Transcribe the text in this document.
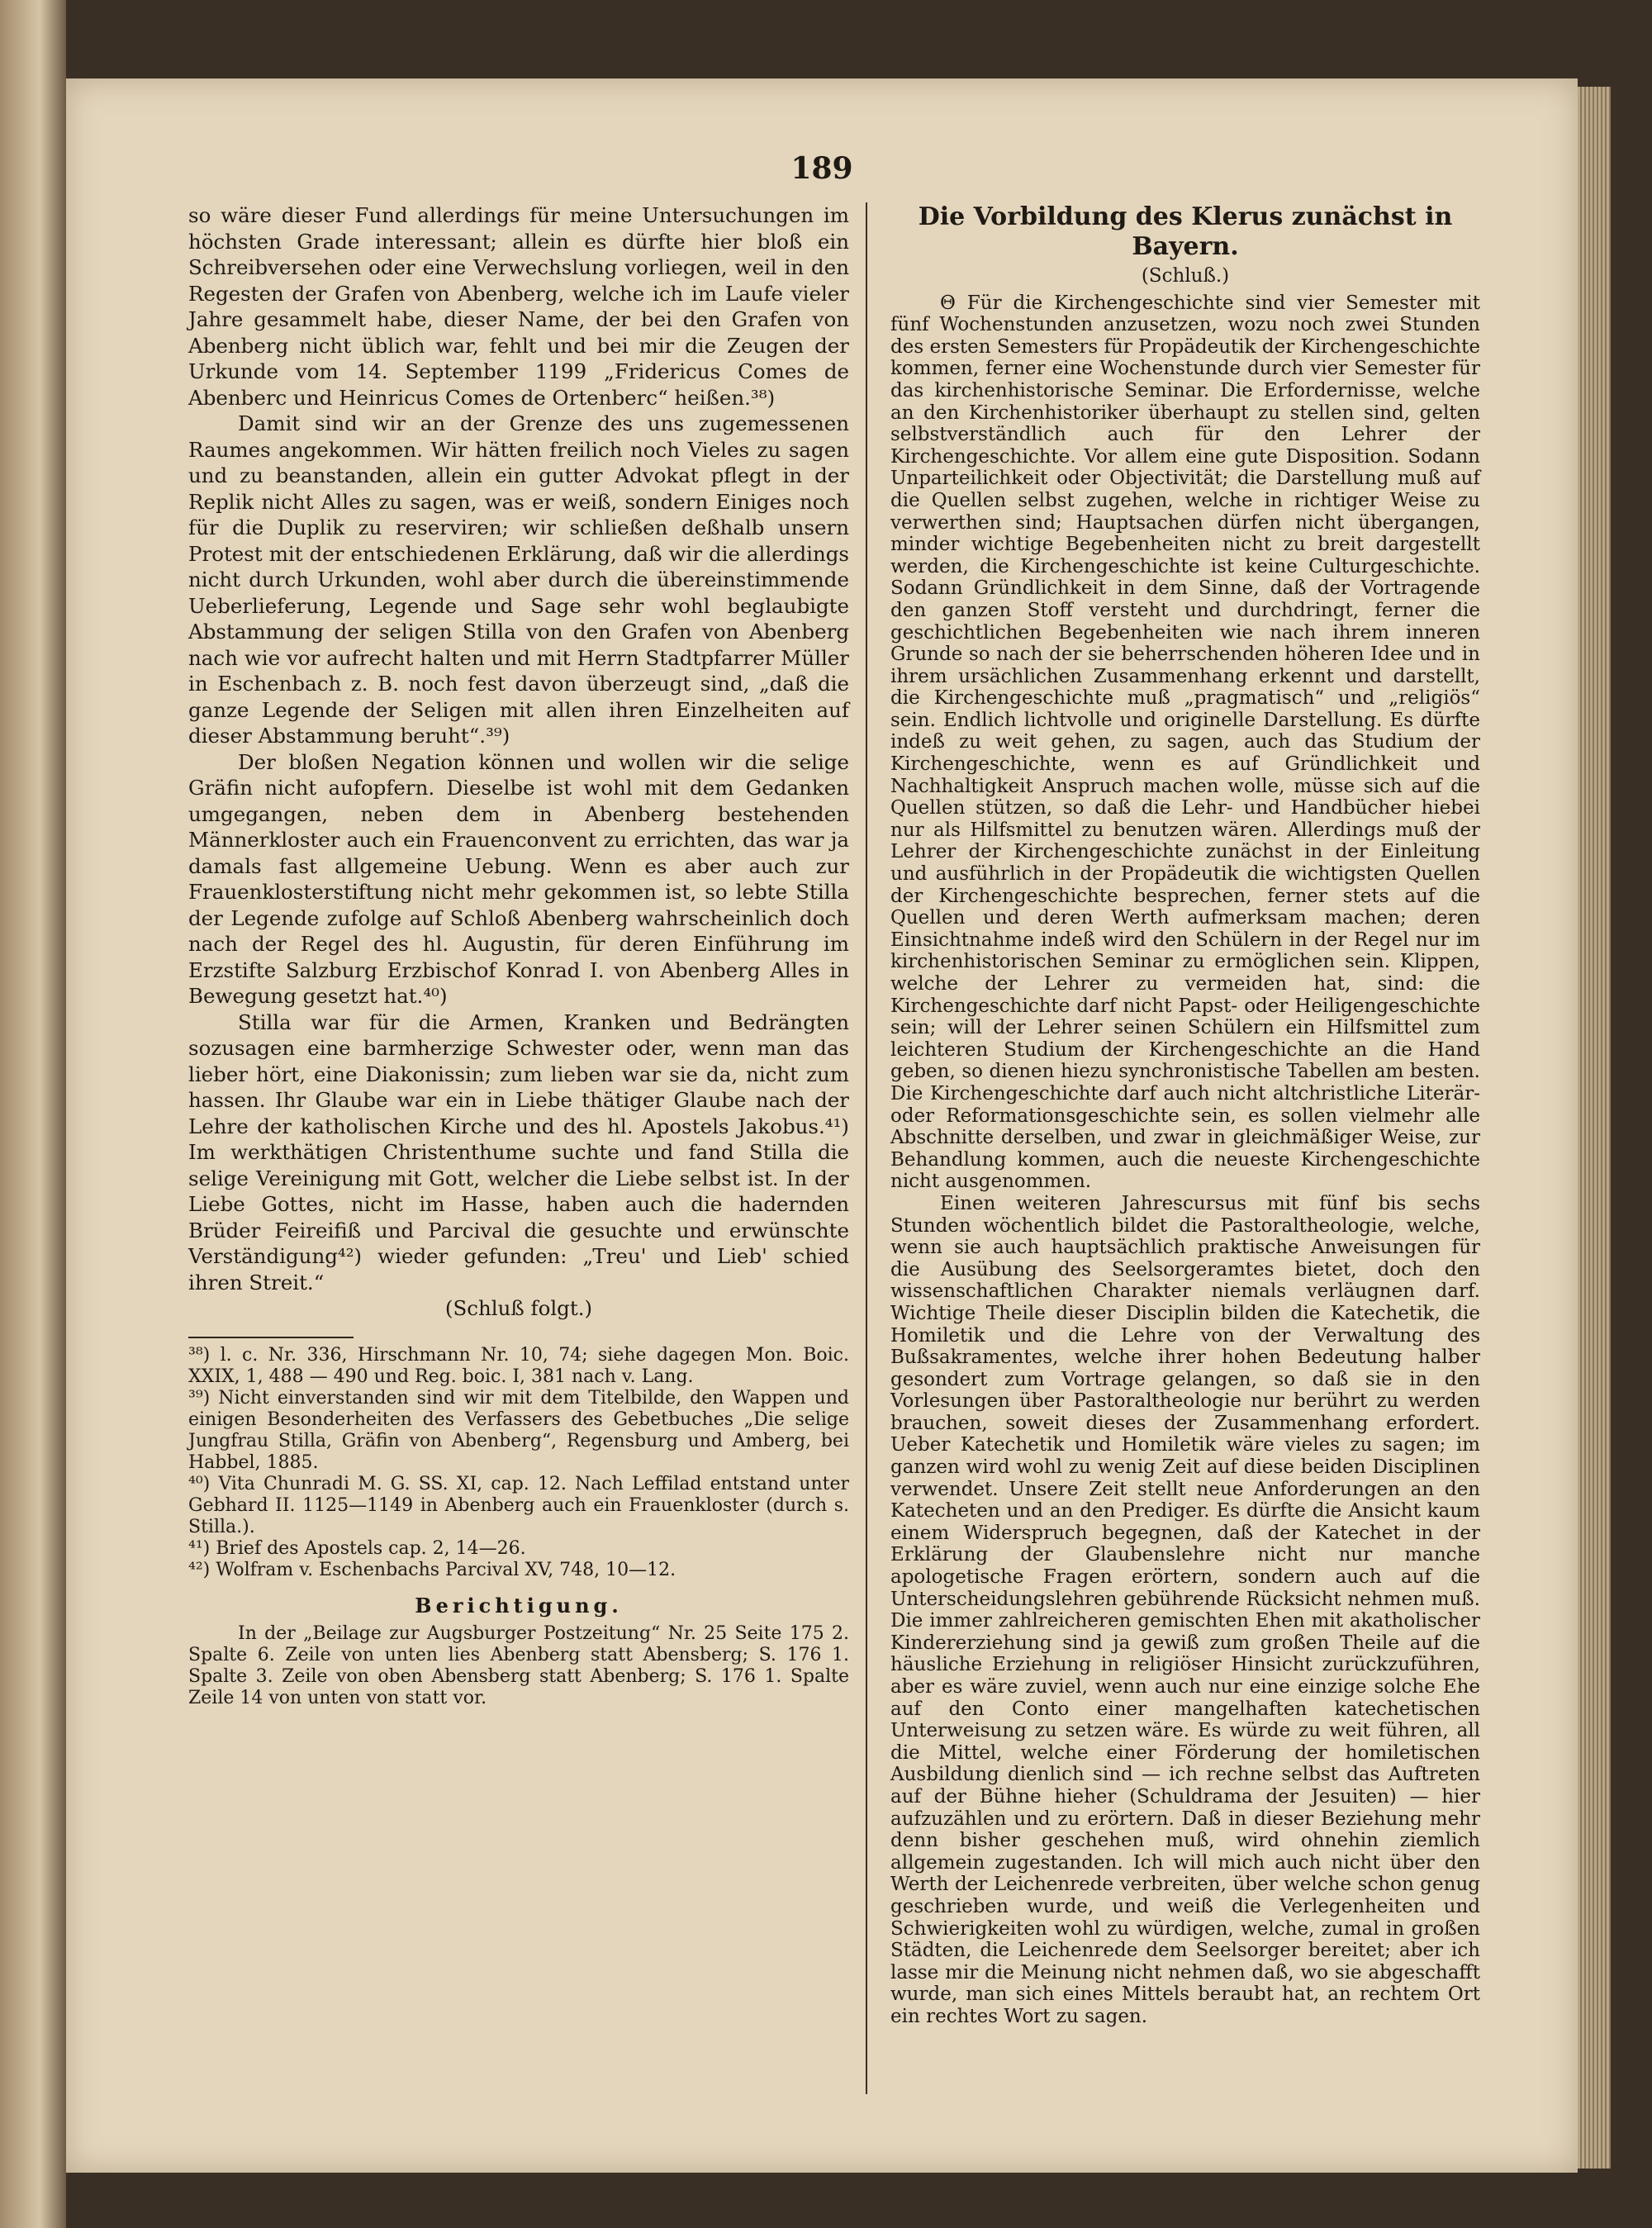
189

so wäre dieser Fund allerdings für meine Untersuchungen im höchsten Grade interessant; allein es dürfte hier bloß ein Schreibversehen oder eine Verwechslung vorliegen, weil in den Regesten der Grafen von Abenberg, welche ich im Laufe vieler Jahre gesammelt habe, dieser Name, der bei den Grafen von Abenberg nicht üblich war, fehlt und bei mir die Zeugen der Urkunde vom 14. September 1199 „Fridericus Comes de Abenberc und Heinricus Comes de Ortenberc“ heißen.³⁸)

Damit sind wir an der Grenze des uns zugemessenen Raumes angekommen. Wir hätten freilich noch Vieles zu sagen und zu beanstanden, allein ein gutter Advokat pflegt in der Replik nicht Alles zu sagen, was er weiß, sondern Einiges noch für die Duplik zu reserviren; wir schließen deßhalb unsern Protest mit der entschiedenen Erklärung, daß wir die allerdings nicht durch Urkunden, wohl aber durch die übereinstimmende Ueberlieferung, Legende und Sage sehr wohl beglaubigte Abstammung der seligen Stilla von den Grafen von Abenberg nach wie vor aufrecht halten und mit Herrn Stadtpfarrer Müller in Eschenbach z. B. noch fest davon überzeugt sind, „daß die ganze Legende der Seligen mit allen ihren Einzelheiten auf dieser Abstammung beruht“.³⁹)

Der bloßen Negation können und wollen wir die selige Gräfin nicht aufopfern. Dieselbe ist wohl mit dem Gedanken umgegangen, neben dem in Abenberg bestehenden Männerkloster auch ein Frauenconvent zu errichten, das war ja damals fast allgemeine Uebung. Wenn es aber auch zur Frauenklosterstiftung nicht mehr gekommen ist, so lebte Stilla der Legende zufolge auf Schloß Abenberg wahrscheinlich doch nach der Regel des hl. Augustin, für deren Einführung im Erzstifte Salzburg Erzbischof Konrad I. von Abenberg Alles in Bewegung gesetzt hat.⁴⁰)

Stilla war für die Armen, Kranken und Bedrängten sozusagen eine barmherzige Schwester oder, wenn man das lieber hört, eine Diakonissin; zum lieben war sie da, nicht zum hassen. Ihr Glaube war ein in Liebe thätiger Glaube nach der Lehre der katholischen Kirche und des hl. Apostels Jakobus.⁴¹) Im werkthätigen Christenthume suchte und fand Stilla die selige Vereinigung mit Gott, welcher die Liebe selbst ist. In der Liebe Gottes, nicht im Hasse, haben auch die hadernden Brüder Feireifiß und Parcival die gesuchte und erwünschte Verständigung⁴²) wieder gefunden: „Treu' und Lieb' schied ihren Streit.“

(Schluß folgt.)

³⁸) l. c. Nr. 336, Hirschmann Nr. 10, 74; siehe dagegen Mon. Boic. XXIX, 1, 488 — 490 und Reg. boic. I, 381 nach v. Lang.

³⁹) Nicht einverstanden sind wir mit dem Titelbilde, den Wappen und einigen Besonderheiten des Verfassers des Gebetbuches „Die selige Jungfrau Stilla, Gräfin von Abenberg“, Regensburg und Amberg, bei Habbel, 1885.

⁴⁰) Vita Chunradi M. G. SS. XI, cap. 12. Nach Leffilad entstand unter Gebhard II. 1125—1149 in Abenberg auch ein Frauenkloster (durch s. Stilla.).

⁴¹) Brief des Apostels cap. 2, 14—26.

⁴²) Wolfram v. Eschenbachs Parcival XV, 748, 10—12.

Berichtigung.

In der „Beilage zur Augsburger Postzeitung“ Nr. 25 Seite 175 2. Spalte 6. Zeile von unten lies Abenberg statt Abensberg; S. 176 1. Spalte 3. Zeile von oben Abensberg statt Abenberg; S. 176 1. Spalte Zeile 14 von unten von statt vor.

Die Vorbildung des Klerus zunächst in Bayern.
(Schluß.)

Θ Für die Kirchengeschichte sind vier Semester mit fünf Wochenstunden anzusetzen, wozu noch zwei Stunden des ersten Semesters für Propädeutik der Kirchengeschichte kommen, ferner eine Wochenstunde durch vier Semester für das kirchenhistorische Seminar. Die Erfordernisse, welche an den Kirchenhistoriker überhaupt zu stellen sind, gelten selbstverständlich auch für den Lehrer der Kirchengeschichte. Vor allem eine gute Disposition. Sodann Unparteilichkeit oder Objectivität; die Darstellung muß auf die Quellen selbst zugehen, welche in richtiger Weise zu verwerthen sind; Hauptsachen dürfen nicht übergangen, minder wichtige Begebenheiten nicht zu breit dargestellt werden, die Kirchengeschichte ist keine Culturgeschichte. Sodann Gründlichkeit in dem Sinne, daß der Vortragende den ganzen Stoff versteht und durchdringt, ferner die geschichtlichen Begebenheiten wie nach ihrem inneren Grunde so nach der sie beherrschenden höheren Idee und in ihrem ursächlichen Zusammenhang erkennt und darstellt, die Kirchengeschichte muß „pragmatisch“ und „religiös“ sein. Endlich lichtvolle und originelle Darstellung. Es dürfte indeß zu weit gehen, zu sagen, auch das Studium der Kirchengeschichte, wenn es auf Gründlichkeit und Nachhaltigkeit Anspruch machen wolle, müsse sich auf die Quellen stützen, so daß die Lehr- und Handbücher hiebei nur als Hilfsmittel zu benutzen wären. Allerdings muß der Lehrer der Kirchengeschichte zunächst in der Einleitung und ausführlich in der Propädeutik die wichtigsten Quellen der Kirchengeschichte besprechen, ferner stets auf die Quellen und deren Werth aufmerksam machen; deren Einsichtnahme indeß wird den Schülern in der Regel nur im kirchenhistorischen Seminar zu ermöglichen sein. Klippen, welche der Lehrer zu vermeiden hat, sind: die Kirchengeschichte darf nicht Papst- oder Heiligengeschichte sein; will der Lehrer seinen Schülern ein Hilfsmittel zum leichteren Studium der Kirchengeschichte an die Hand geben, so dienen hiezu synchronistische Tabellen am besten. Die Kirchengeschichte darf auch nicht altchristliche Literär- oder Reformationsgeschichte sein, es sollen vielmehr alle Abschnitte derselben, und zwar in gleichmäßiger Weise, zur Behandlung kommen, auch die neueste Kirchengeschichte nicht ausgenommen.

Einen weiteren Jahrescursus mit fünf bis sechs Stunden wöchentlich bildet die Pastoraltheologie, welche, wenn sie auch hauptsächlich praktische Anweisungen für die Ausübung des Seelsorgeramtes bietet, doch den wissenschaftlichen Charakter niemals verläugnen darf. Wichtige Theile dieser Disciplin bilden die Katechetik, die Homiletik und die Lehre von der Verwaltung des Bußsakramentes, welche ihrer hohen Bedeutung halber gesondert zum Vortrage gelangen, so daß sie in den Vorlesungen über Pastoraltheologie nur berührt zu werden brauchen, soweit dieses der Zusammenhang erfordert. Ueber Katechetik und Homiletik wäre vieles zu sagen; im ganzen wird wohl zu wenig Zeit auf diese beiden Disciplinen verwendet. Unsere Zeit stellt neue Anforderungen an den Katecheten und an den Prediger. Es dürfte die Ansicht kaum einem Widerspruch begegnen, daß der Katechet in der Erklärung der Glaubenslehre nicht nur manche apologetische Fragen erörtern, sondern auch auf die Unterscheidungslehren gebührende Rücksicht nehmen muß. Die immer zahlreicheren gemischten Ehen mit akatholischer Kindererziehung sind ja gewiß zum großen Theile auf die häusliche Erziehung in religiöser Hinsicht zurückzuführen, aber es wäre zuviel, wenn auch nur eine einzige solche Ehe auf den Conto einer mangelhaften katechetischen Unterweisung zu setzen wäre. Es würde zu weit führen, all die Mittel, welche einer Förderung der homiletischen Ausbildung dienlich sind — ich rechne selbst das Auftreten auf der Bühne hieher (Schuldrama der Jesuiten) — hier aufzuzählen und zu erörtern. Daß in dieser Beziehung mehr denn bisher geschehen muß, wird ohnehin ziemlich allgemein zugestanden. Ich will mich auch nicht über den Werth der Leichenrede verbreiten, über welche schon genug geschrieben wurde, und weiß die Verlegenheiten und Schwierigkeiten wohl zu würdigen, welche, zumal in großen Städten, die Leichenrede dem Seelsorger bereitet; aber ich lasse mir die Meinung nicht nehmen daß, wo sie abgeschafft wurde, man sich eines Mittels beraubt hat, an rechtem Ort ein rechtes Wort zu sagen.
